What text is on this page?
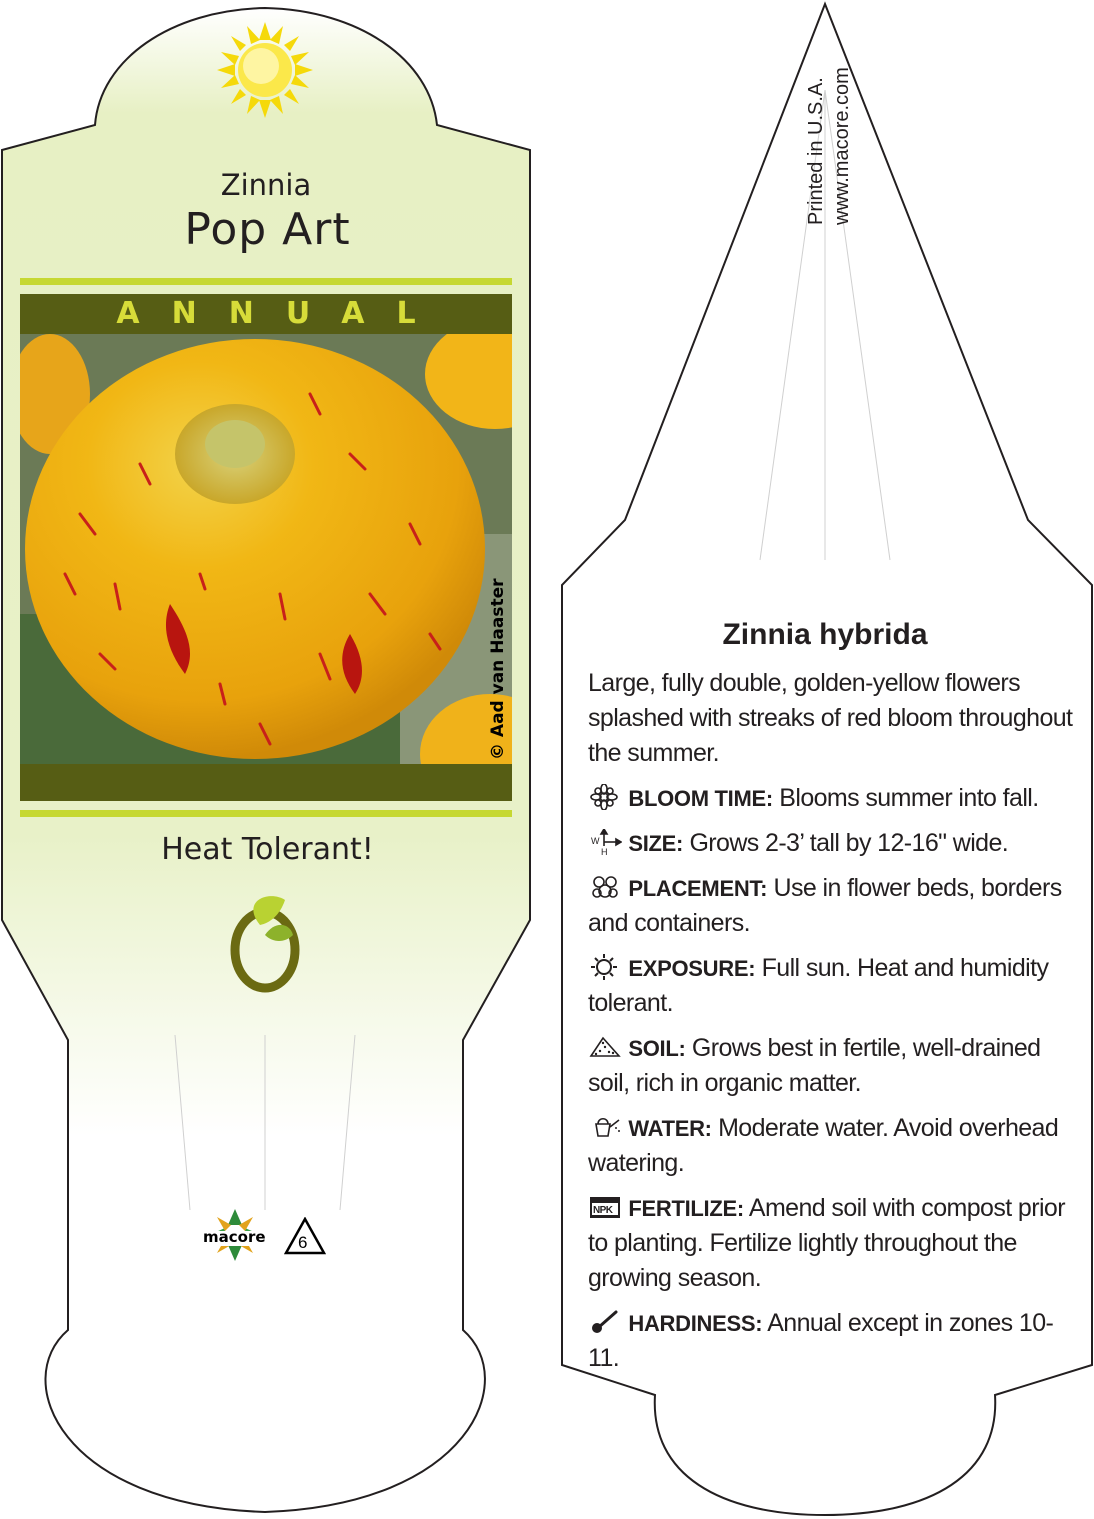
Zinnia
Pop Art
ANNUAL
© Aad van Haaster
Heat Tolerant!
macore 6
Printed in U.S.A. www.macore.com
Zinnia hybrida
Large, fully double, golden-yellow flowers splashed with streaks of red bloom throughout the summer.
BLOOM TIME: Blooms summer into fall.
W
H SIZE: Grows 2-3’ tall by 12-16" wide.
PLACEMENT: Use in flower beds, borders and containers.
EXPOSURE: Full sun. Heat and humidity tolerant.
SOIL: Grows best in fertile, well-drained soil, rich in organic matter.
WATER: Moderate water. Avoid overhead watering.
NPK FERTILIZE: Amend soil with compost prior to planting. Fertilize lightly throughout the growing season.
HARDINESS: Annual except in zones 10-11.
